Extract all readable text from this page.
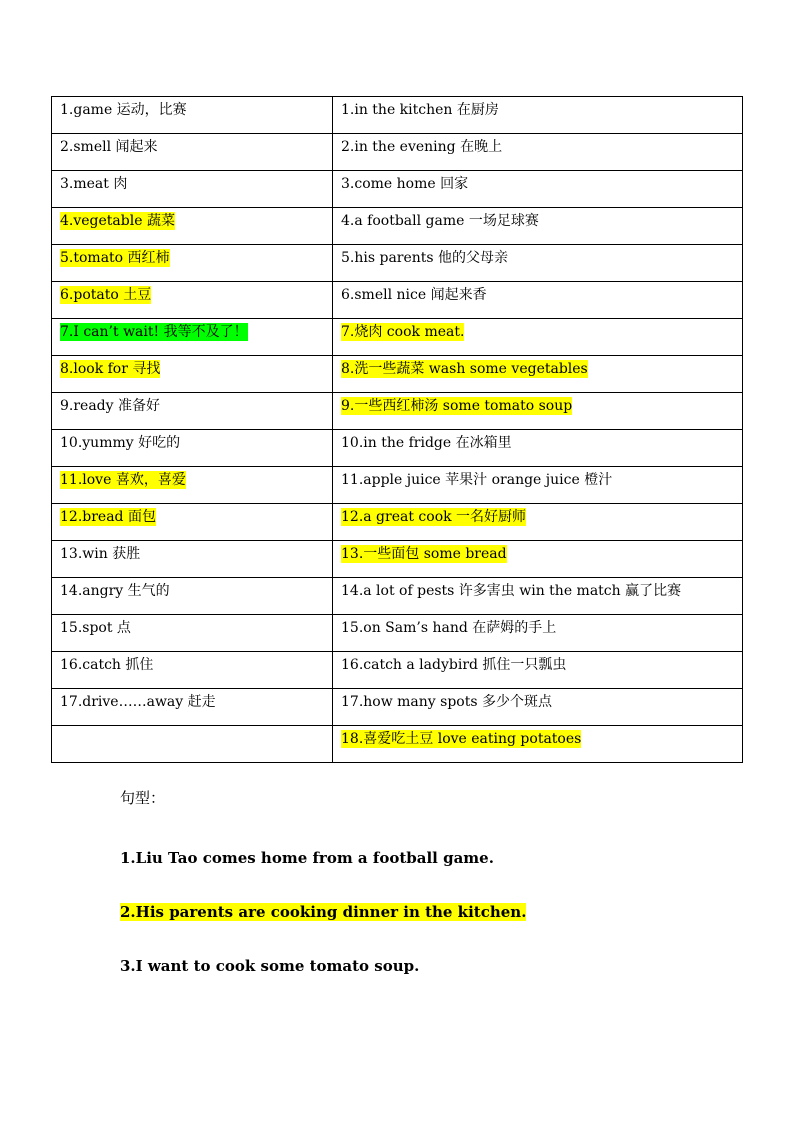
1.game 运动，比赛	1.in the kitchen 在厨房
2.smell 闻起来	2.in the evening 在晚上
3.meat 肉	3.come home 回家
4.vegetable 蔬菜	4.a football game 一场足球赛
5.tomato 西红柿	5.his parents 他的父母亲
6.potato 土豆	6.smell nice 闻起来香
7.I can’t wait! 我等不及了！	7.烧肉 cook meat.
8.look for 寻找	8.洗一些蔬菜 wash some vegetables
9.ready 准备好	9.一些西红柿汤 some tomato soup
10.yummy 好吃的	10.in the fridge 在冰箱里
11.love 喜欢，喜爱	11.apple juice 苹果汁 orange juice 橙汁
12.bread 面包	12.a great cook 一名好厨师
13.win 获胜	13.一些面包 some bread
14.angry 生气的	14.a lot of pests 许多害虫 win the match 赢了比赛
15.spot 点	15.on Sam’s hand 在萨姆的手上
16.catch 抓住	16.catch a ladybird 抓住一只瓢虫
17.drive……away 赶走	17.how many spots 多少个斑点
	18.喜爱吃土豆 love eating potatoes

句型：

1.Liu Tao comes home from a football game.

2.His parents are cooking dinner in the kitchen.

3.I want to cook some tomato soup.
